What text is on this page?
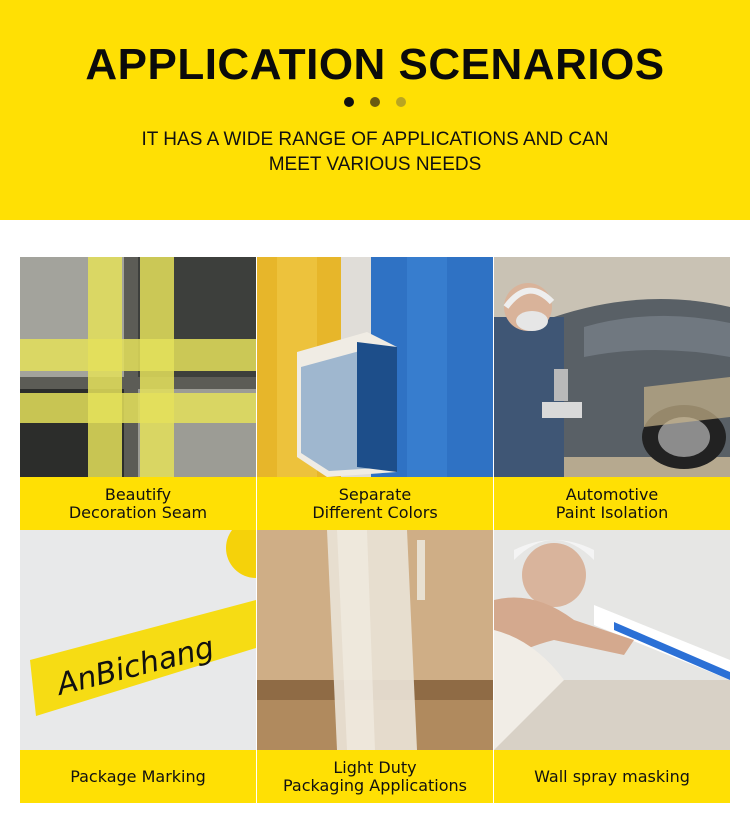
APPLICATION SCENARIOS
IT HAS A WIDE RANGE OF APPLICATIONS AND CAN
MEET VARIOUS NEEDS
Beautify
Decoration Seam
Separate
Different Colors
Automotive
Paint Isolation
AnBichang
Package Marking	Light Duty
Packaging Applications	Wall spray masking
